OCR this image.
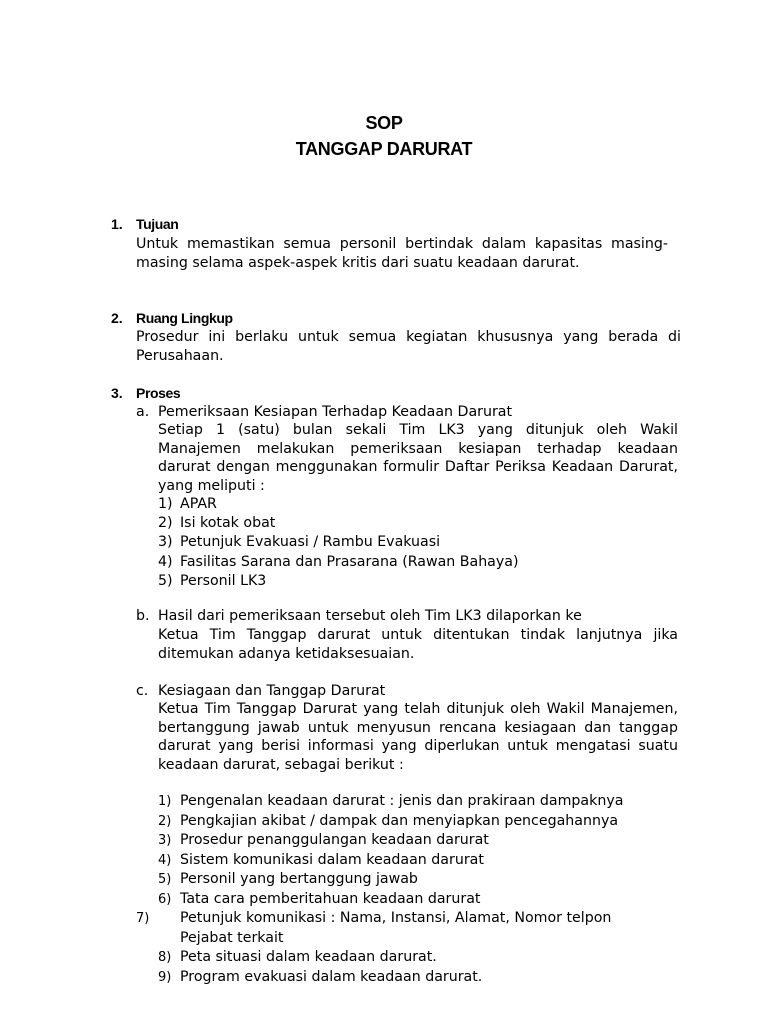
SOP
TANGGAP DARURAT
1. Tujuan
Untuk memastikan semua personil bertindak dalam kapasitas masing-masing selama aspek-aspek kritis dari suatu keadaan darurat.
2. Ruang Lingkup
Prosedur ini berlaku untuk semua kegiatan khususnya yang berada di Perusahaan.
3. Proses
a. Pemeriksaan Kesiapan Terhadap Keadaan Darurat
Setiap 1 (satu) bulan sekali Tim LK3 yang ditunjuk oleh Wakil Manajemen melakukan pemeriksaan kesiapan terhadap keadaan darurat dengan menggunakan formulir Daftar Periksa Keadaan Darurat, yang meliputi :
1) APAR
2) Isi kotak obat
3) Petunjuk Evakuasi / Rambu Evakuasi
4) Fasilitas Sarana dan Prasarana (Rawan Bahaya)
5) Personil LK3
b. Hasil dari pemeriksaan tersebut oleh Tim LK3 dilaporkan ke
Ketua Tim Tanggap darurat untuk ditentukan tindak lanjutnya jika ditemukan adanya ketidaksesuaian.
c. Kesiagaan dan Tanggap Darurat
Ketua Tim Tanggap Darurat yang telah ditunjuk oleh Wakil Manajemen, bertanggung jawab untuk menyusun rencana kesiagaan dan tanggap darurat yang berisi informasi yang diperlukan untuk mengatasi suatu keadaan darurat, sebagai berikut :
1) Pengenalan keadaan darurat : jenis dan prakiraan dampaknya
2) Pengkajian akibat / dampak dan menyiapkan pencegahannya
3) Prosedur penanggulangan keadaan darurat
4) Sistem komunikasi dalam keadaan darurat
5) Personil yang bertanggung jawab
6) Tata cara pemberitahuan keadaan darurat
7) Petunjuk komunikasi : Nama, Instansi, Alamat, Nomor telpon Pejabat terkait
8) Peta situasi dalam keadaan darurat.
9) Program evakuasi dalam keadaan darurat.
